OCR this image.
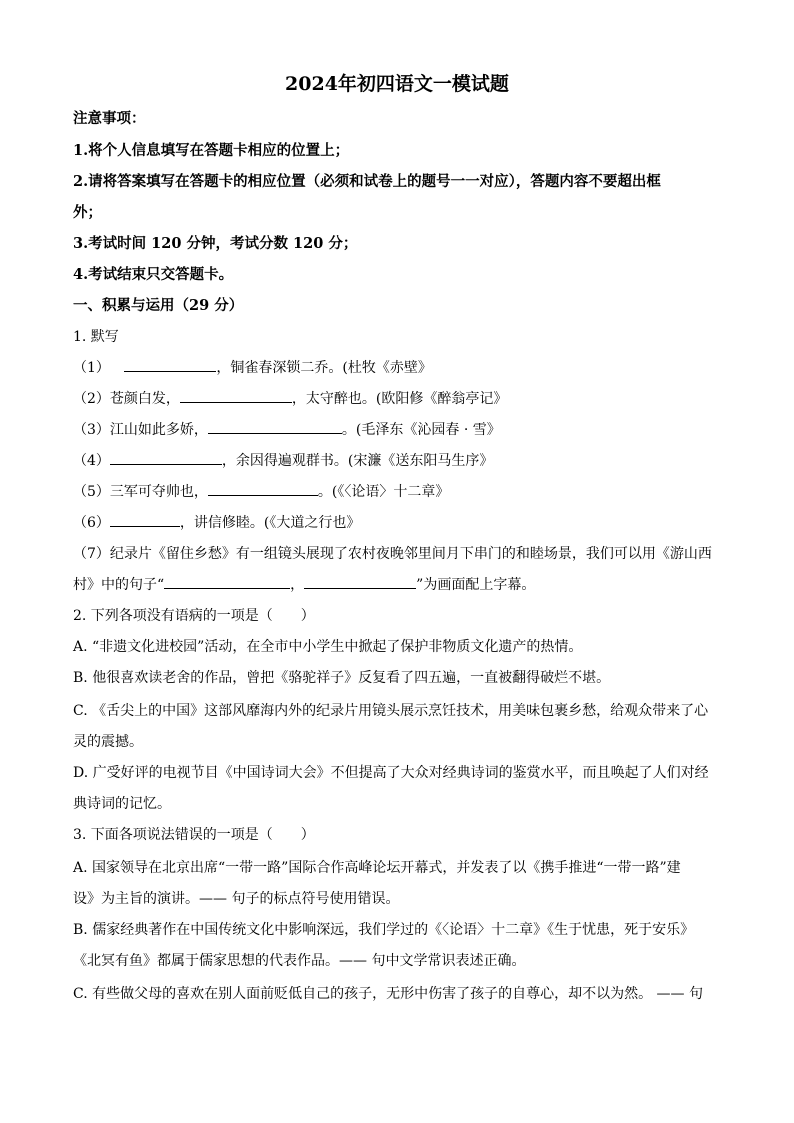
2024年初四语文一模试题
注意事项：
1.将个人信息填写在答题卡相应的位置上；
2.请将答案填写在答题卡的相应位置（必须和试卷上的题号一一对应），答题内容不要超出框
外；
3.考试时间 120 分钟，考试分数 120 分；
4.考试结束只交答题卡。
一、积累与运用（29 分）
1. 默写
（1）	，铜雀春深锁二乔。(杜牧《赤壁》
（2）苍颜白发，	，太守醉也。(欧阳修《醉翁亭记》
（3）江山如此多娇，	。(毛泽东《沁园春 · 雪》
（4）	，余因得遍观群书。(宋濂《送东阳马生序》
（5）三军可夺帅也，	。(《〈论语〉十二章》
（6）	，讲信修睦。(《大道之行也》
（7）纪录片《留住乡愁》有一组镜头展现了农村夜晚邻里间月下串门的和睦场景，我们可以用《游山西
村》中的句子“	，	”为画面配上字幕。
2. 下列各项没有语病的一项是（　　）
A. “非遗文化进校园”活动，在全市中小学生中掀起了保护非物质文化遗产的热情。
B. 他很喜欢读老舍的作品，曾把《骆驼祥子》反复看了四五遍，一直被翻得破烂不堪。
C. 《舌尖上的中国》这部风靡海内外的纪录片用镜头展示烹饪技术，用美味包裹乡愁，给观众带来了心
灵的震撼。
D. 广受好评的电视节目《中国诗词大会》不但提高了大众对经典诗词的鉴赏水平，而且唤起了人们对经
典诗词的记忆。
3. 下面各项说法错误的一项是（　　）
A. 国家领导在北京出席“一带一路”国际合作高峰论坛开幕式，并发表了以《携手推进“一带一路”建
设》为主旨的演讲。—— 句子的标点符号使用错误。
B. 儒家经典著作在中国传统文化中影响深远，我们学过的《〈论语〉十二章》《生于忧患，死于安乐》
《北冥有鱼》都属于儒家思想的代表作品。—— 句中文学常识表述正确。
C. 有些做父母的喜欢在别人面前贬低自己的孩子，无形中伤害了孩子的自尊心，却不以为然。 —— 句
